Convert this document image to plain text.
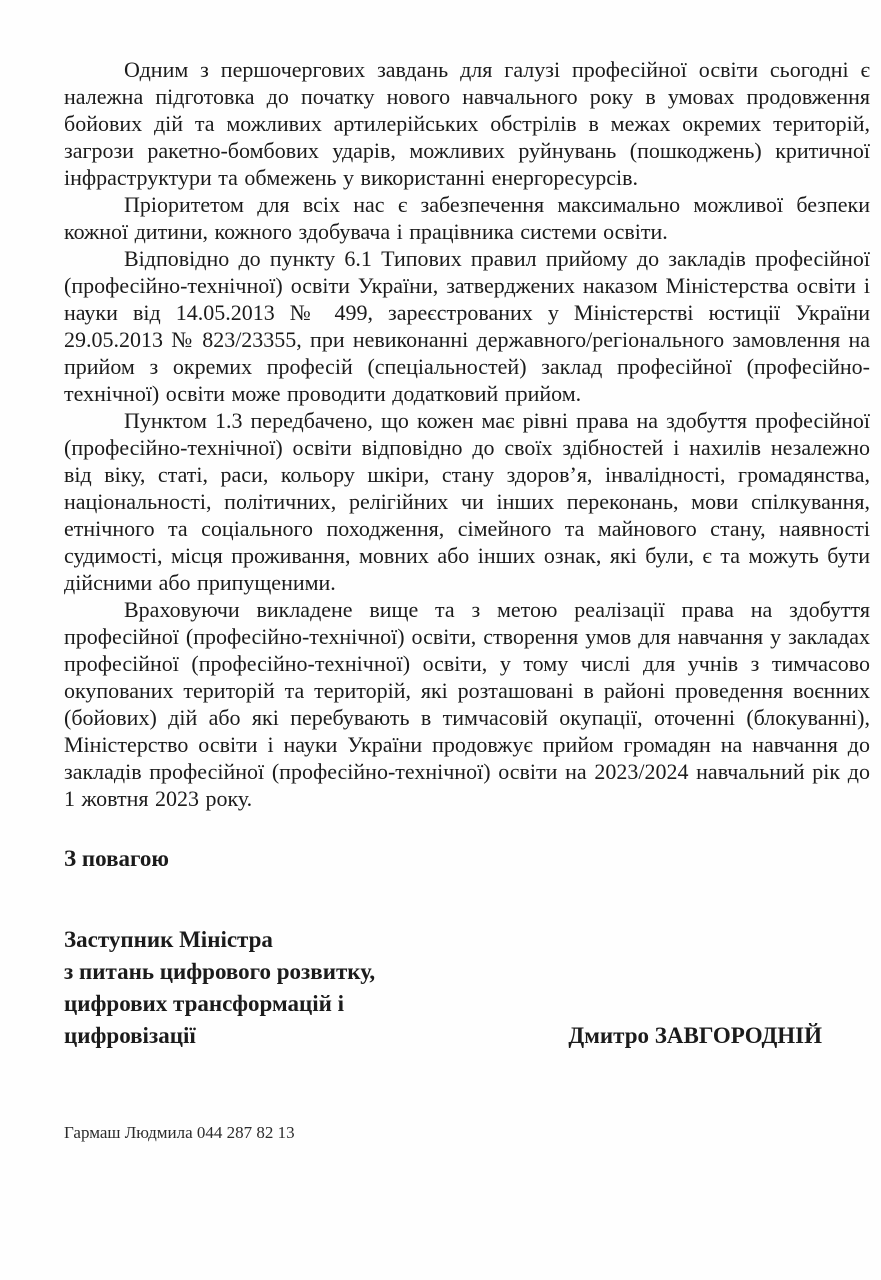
Одним з першочергових завдань для галузі професійної освіти сьогодні є належна підготовка до початку нового навчального року в умовах продовження бойових дій та можливих артилерійських обстрілів в межах окремих територій, загрози ракетно-бомбових ударів, можливих руйнувань (пошкоджень) критичної інфраструктури та обмежень у використанні енергоресурсів.

Пріоритетом для всіх нас є забезпечення максимально можливої безпеки кожної дитини, кожного здобувача і працівника системи освіти.

Відповідно до пункту 6.1 Типових правил прийому до закладів професійної (професійно-технічної) освіти України, затверджених наказом Міністерства освіти і науки від 14.05.2013 № 499, зареєстрованих у Міністерстві юстиції України 29.05.2013 № 823/23355, при невиконанні державного/регіонального замовлення на прийом з окремих професій (спеціальностей) заклад професійної (професійно-технічної) освіти може проводити додатковий прийом.

Пунктом 1.3 передбачено, що кожен має рівні права на здобуття професійної (професійно-технічної) освіти відповідно до своїх здібностей і нахилів незалежно від віку, статі, раси, кольору шкіри, стану здоров’я, інвалідності, громадянства, національності, політичних, релігійних чи інших переконань, мови спілкування, етнічного та соціального походження, сімейного та майнового стану, наявності судимості, місця проживання, мовних або інших ознак, які були, є та можуть бути дійсними або припущеними.

Враховуючи викладене вище та з метою реалізації права на здобуття професійної (професійно-технічної) освіти, створення умов для навчання у закладах професійної (професійно-технічної) освіти, у тому числі для учнів з тимчасово окупованих територій та територій, які розташовані в районі проведення воєнних (бойових) дій або які перебувають в тимчасовій окупації, оточенні (блокуванні), Міністерство освіти і науки України продовжує прийом громадян на навчання до закладів професійної (професійно-технічної) освіти на 2023/2024 навчальний рік до 1 жовтня 2023 року.

З повагою
Заступник Міністра
з питань цифрового розвитку,
цифрових трансформацій і
цифровізації	Дмитро ЗАВГОРОДНІЙ
Гармаш Людмила 044 287 82 13
